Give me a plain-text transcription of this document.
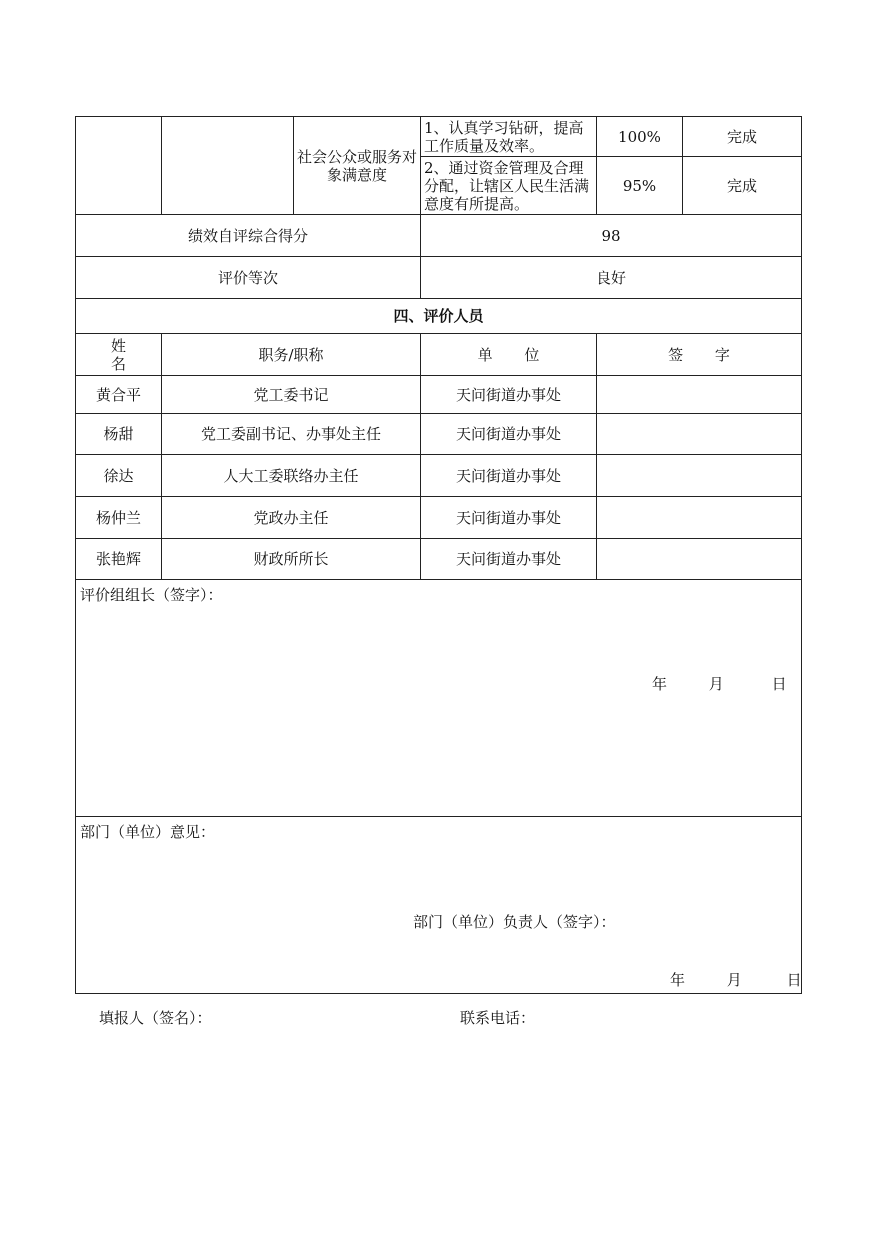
		社会公众或服务对象满意度	1、认真学习钻研，提高工作质量及效率。	100%	完成
			2、通过资金管理及合理分配，让辖区人民生活满意度有所提高。	95%	完成
绩效自评综合得分			98		
评价等次			良好		
四、评价人员					
姓 名	职务/职称		单 位	签 字	
黄合平	党工委书记		天问街道办事处		
杨甜	党工委副书记、办事处主任		天问街道办事处		
徐达	人大工委联络办主任		天问街道办事处		
杨仲兰	党政办主任		天问街道办事处		
张艳辉	财政所所长		天问街道办事处		
评价组组长（签字）：					
部门（单位）意见：					
年	月	日
部门（单位）负责人（签字）：
年	月	日
填报人（签名）：	联系电话：
